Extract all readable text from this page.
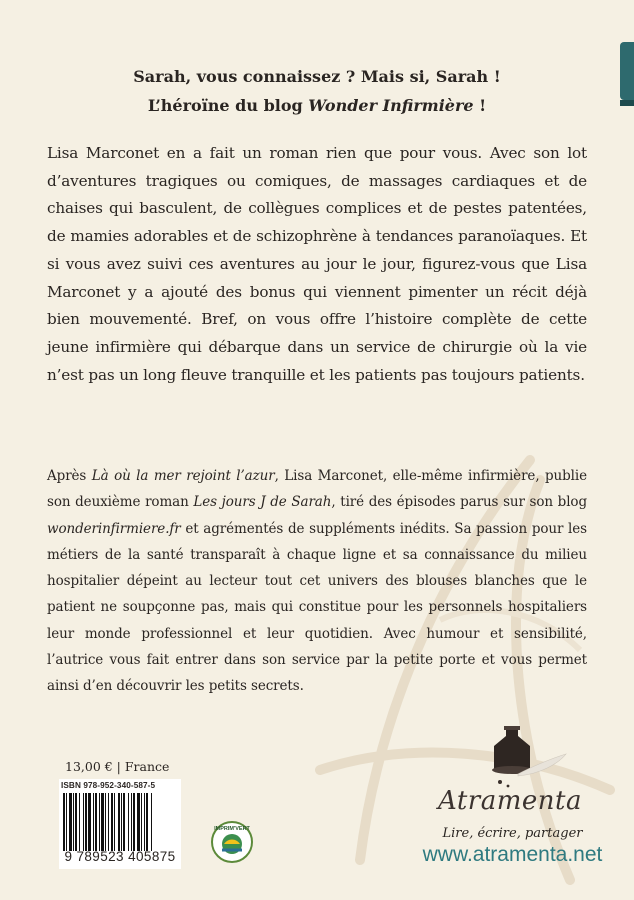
Sarah, vous connaissez ? Mais si, Sarah !
L’héroïne du blog Wonder Infirmière !

Lisa Marconet en a fait un roman rien que pour vous. Avec son lot d’aventures tragiques ou comiques, de massages cardiaques et de chaises qui basculent, de collègues complices et de pestes patentées, de mamies adorables et de schizophrène à tendances paranoïaques. Et si vous avez suivi ces aventures au jour le jour, figurez-vous que Lisa Marconet y a ajouté des bonus qui viennent pimenter un récit déjà bien mouvementé. Bref, on vous offre l’histoire complète de cette jeune infirmière qui débarque dans un service de chirurgie où la vie n’est pas un long fleuve tranquille et les patients pas toujours patients.

Après Là où la mer rejoint l’azur, Lisa Marconet, elle-même infirmière, publie son deuxième roman Les jours J de Sarah, tiré des épisodes parus sur son blog wonderinfirmiere.fr et agrémentés de suppléments inédits. Sa passion pour les métiers de la santé transparaît à chaque ligne et sa connaissance du milieu hospitalier dépeint au lecteur tout cet univers des blouses blanches que le patient ne soupçonne pas, mais qui constitue pour les personnels hospitaliers leur monde professionnel et leur quotidien. Avec humour et sensibilité, l’autrice vous fait entrer dans son service par la petite porte et vous permet ainsi d’en découvrir les petits secrets.

13,00 € | France
ISBN 978-952-340-587-5
9 789523 405875
IMPRIM'VERT
Atramenta
Lire, écrire, partager
www.atramenta.net
